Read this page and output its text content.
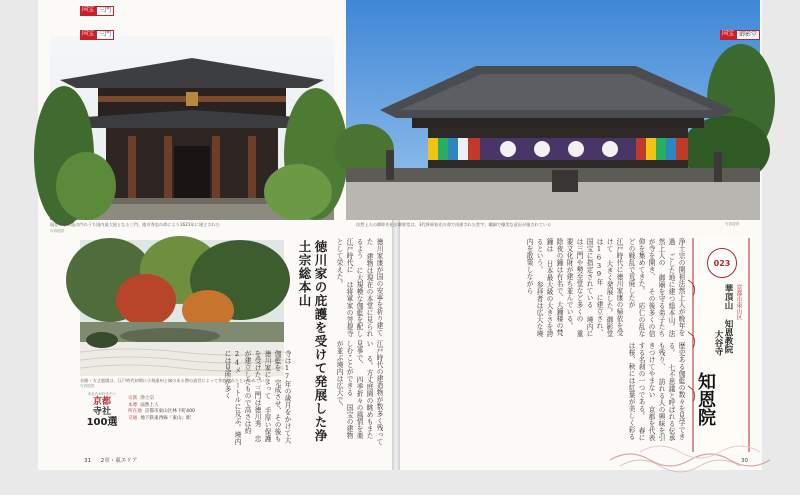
国宝 三門
国宝 三門
現存する木造の門のうち国内最大級となる三門。徳川秀忠の命により1621年に建立された
写真提供
名勝・方丈庭園は、江戸時代初期に小堀遠州と縁のある僧の造営によって作庭されたといわれている
写真提供	徳川家の庇護を受けて発展した浄土宗総本山	徳川家康が国の安寧を祈り建てた 建物は現在の本堂に見られるよう に大規模な伽藍を配し江戸時代に は将軍家の菩提寺として栄えた。
寺は17年の歳月をかけて大伽藍を 完成させ、その後も徳川家によって 手厚い保護を受けた。三門は徳川秀 忠が建立したもので高さは約24メ ートルに及ぶ。境内には見所が多く	江戸時代の建造物が数多く残ってい る。方丈庭園の眺めもまた見事で、 四季折々の風情を楽しむことができる 国宝の建物が並ぶ境内は広大で、
あなたが行きたい
京都
寺社
100選
宗派 浄土宗
本尊 法然上人
所在地 京都市東山区林下町400
交通 地下鉄東西線「東山」駅
31 2章・東エリア
国宝 御影堂
法然上人の御影を祀る御影堂は、3代将軍家光の命で再建された堂宇。繊細で優美な意匠が施されている	写真提供
023
京都市東山区
華頂山 知恩教院
大谷寺
知恩院
浄土宗の開祖法然上人が晩年を過 ごした地に建つ総本山。法然上人の 御廟を守る弟子たちが寺を開き、 その後多くの信仰を集めてきた。 応仁の乱などの戦乱で荒廃したが
江戸時代に徳川家康の帰依を受けて 大きく発展した。御影堂は1639年 に建立され、国宝に指定されている 境内には三門や勢至堂など多くの 重要文化財が建ち並んでいる。 除夜の鐘は有名で、大鐘楼の梵鐘は 日本最大級の大きさを誇るという。 参拝者は広大な境内を散策しながら
歴史ある伽藍の数々を見学できる。 七不思議と呼ばれる伝承も残り、 訪れる人の興味を引きつけてやまない 京都を代表する名刹の一つである。 春には桜、秋には紅葉が美しく彩る
30
